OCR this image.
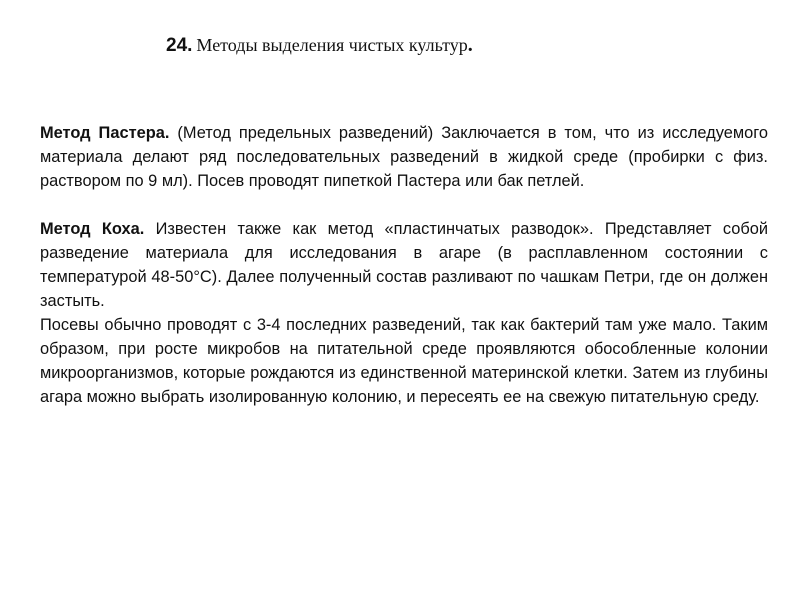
24. Методы выделения чистых культур.

Метод Пастера. (Метод предельных разведений) Заключается в том, что из исследуемого материала делают ряд последовательных разведений в жидкой среде (пробирки с физ. раствором по 9 мл). Посев проводят пипеткой Пастера или бак петлей.

Метод Коха. Известен также как метод «пластинчатых разводок». Представляет собой разведение материала для исследования в агаре (в расплавленном состоянии с температурой 48-50°С). Далее полученный состав разливают по чашкам Петри, где он должен застыть.

Посевы обычно проводят с 3-4 последних разведений, так как бактерий там уже мало. Таким образом, при росте микробов на питательной среде проявляются обособленные колонии микроорганизмов, которые рождаются из единственной материнской клетки. Затем из глубины агара можно выбрать изолированную колонию, и пересеять ее на свежую питательную среду.
